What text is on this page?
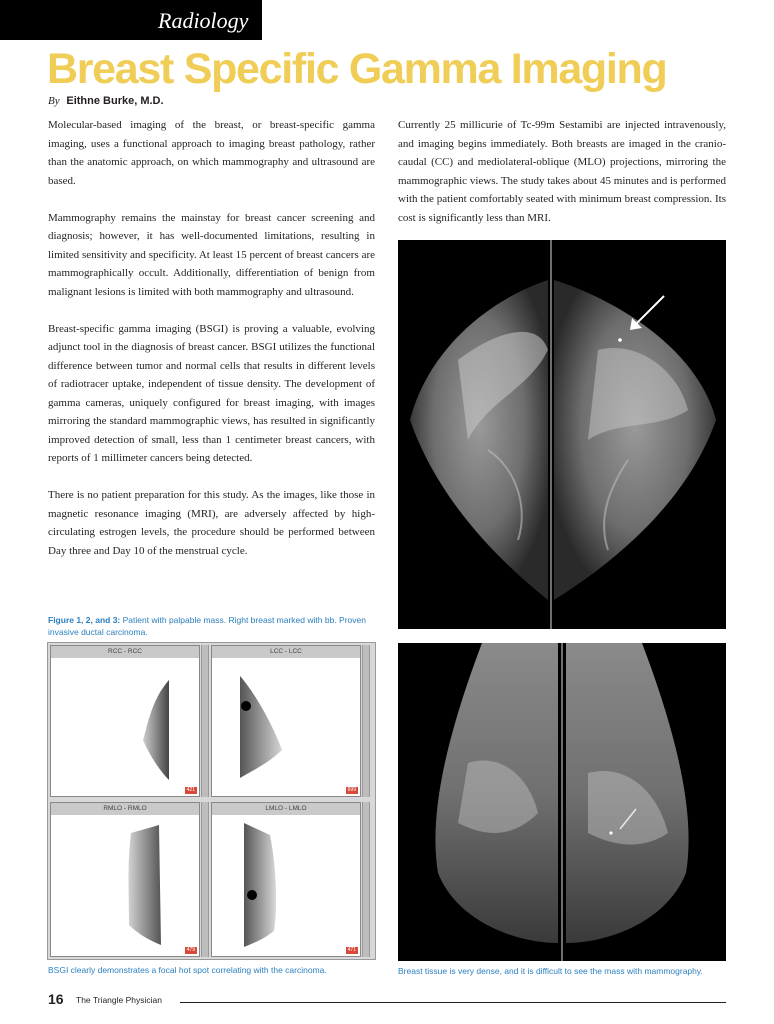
Radiology
Breast Specific Gamma Imaging
By Eithne Burke, M.D.

Molecular-based imaging of the breast, or breast-specific gamma imaging, uses a functional approach to imaging breast pathology, rather than the anatomic approach, on which mammography and ultrasound are based.

Mammography remains the mainstay for breast cancer screening and diagnosis; however, it has well-documented limitations, resulting in limited sensitivity and specificity. At least 15 percent of breast cancers are mammographically occult. Additionally, differentiation of benign from malignant lesions is limited with both mammography and ultrasound.

Breast-specific gamma imaging (BSGI) is proving a valuable, evolving adjunct tool in the diagnosis of breast cancer. BSGI utilizes the functional difference between tumor and normal cells that results in different levels of radiotracer uptake, independent of tissue density. The development of gamma cameras, uniquely configured for breast imaging, with images mirroring the standard mammographic views, has resulted in significantly improved detection of small, less than 1 centimeter breast cancers, with reports of 1 millimeter cancers being detected.

There is no patient preparation for this study. As the images, like those in magnetic resonance imaging (MRI), are adversely affected by high-circulating estrogen levels, the procedure should be performed between Day three and Day 10 of the menstrual cycle.

Currently 25 millicurie of Tc-99m Sestamibi are injected intravenously, and imaging begins immediately. Both breasts are imaged in the cranio-caudal (CC) and mediolateral-oblique (MLO) projections, mirroring the mammographic views. The study takes about 45 minutes and is performed with the patient comfortably seated with minimum breast compression. Its cost is significantly less than MRI.

Figure 1, 2, and 3: Patient with palpable mass. Right breast marked with bb. Proven invasive ductal carcinoma.
RCC - RCC
421
LCC - LCC
699
RMLO - RMLO
479
LMLO - LMLO
471
BSGI clearly demonstrates a focal hot spot correlating with the carcinoma.	Breast tissue is very dense, and it is difficult to see the mass with mammography.
16 The Triangle Physician
